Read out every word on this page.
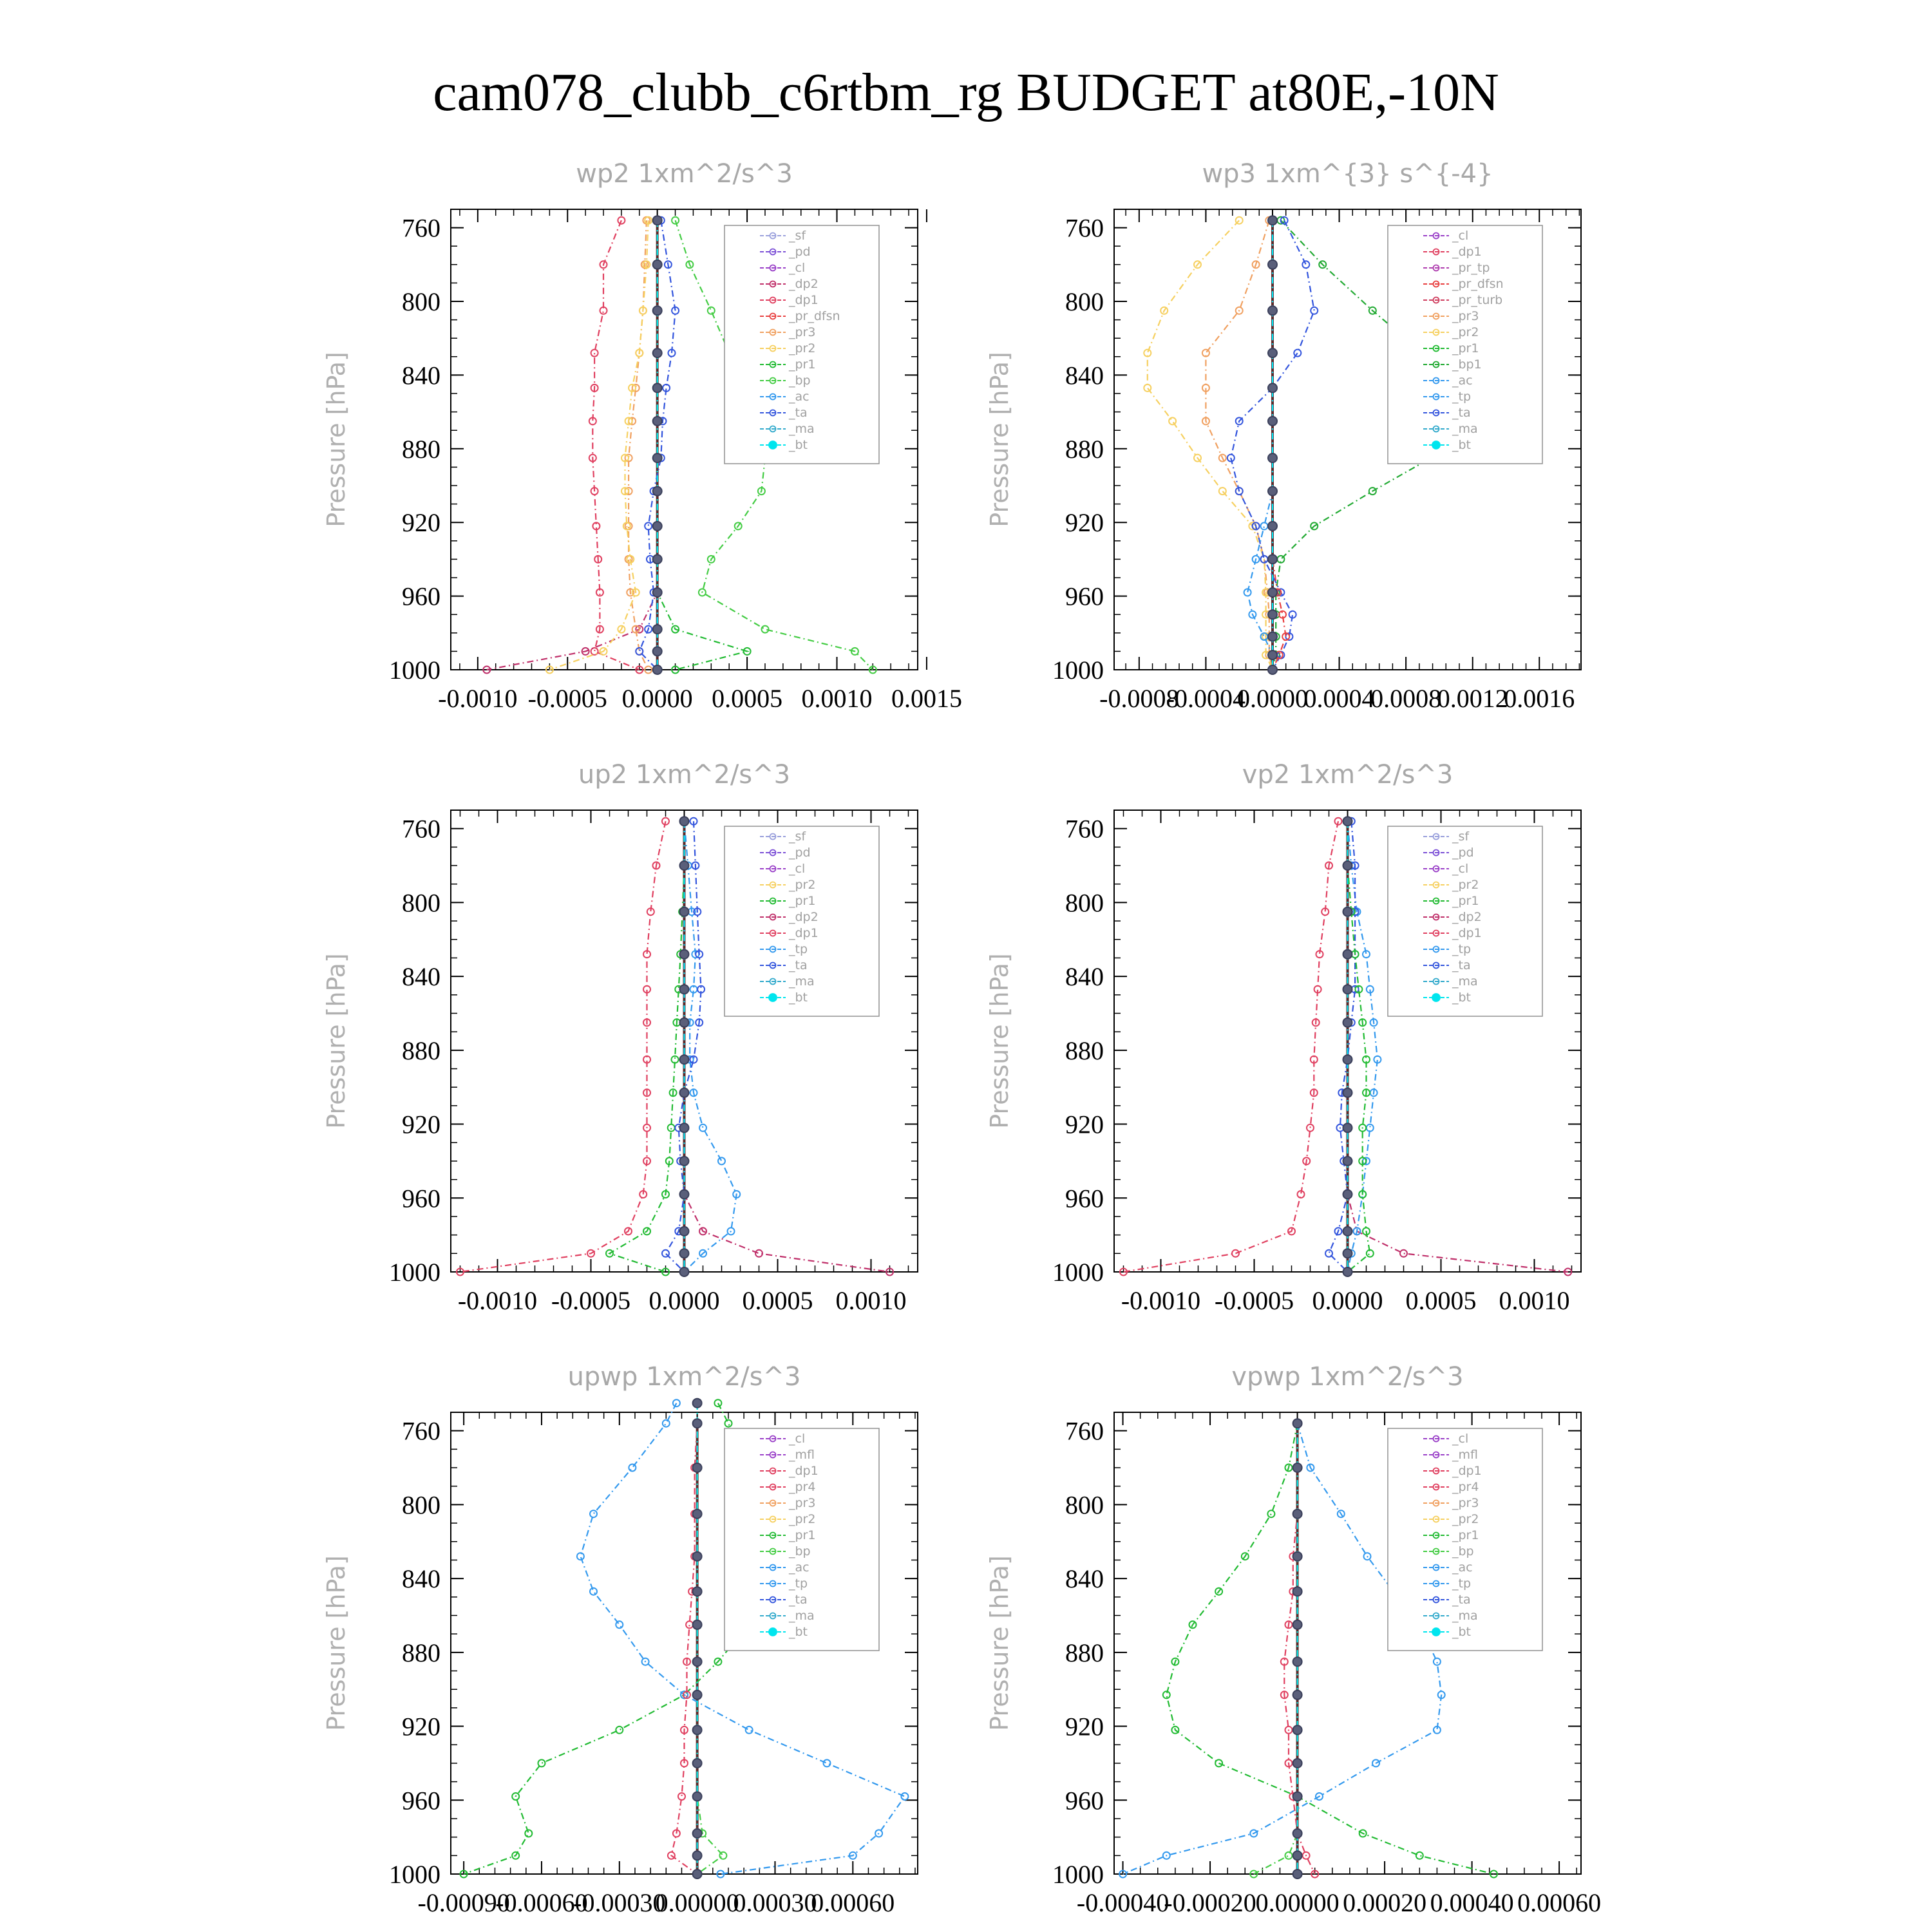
cam078_clubb_c6rtbm_rg BUDGET at80E,-10N
wp2 1xm^2/s^3
Pressure [hPa]
760
800
840
880
920
960
1000
-0.0010 -0.0005 0.0000 0.0005 0.0010 0.0015
_sf
_pd
_cl
_dp2
_dp1
_pr_dfsn
_pr3
_pr2
_pr1
_bp
_ac
_ta
_ma
_bt
wp3 1xm^{3} s^{-4}
Pressure [hPa]
760
800
840
880
920
960
1000
-0.0008
-0.0004
0.0000
0.0004
0.0008
0.0012
0.0016
_cl
_dp1
_pr_tp
_pr_dfsn
_pr_turb
_pr3
_pr2
_pr1
_bp1
_ac
_tp
_ta
_ma
_bt
up2 1xm^2/s^3
Pressure [hPa]
760
800
840
880
920
960
1000
-0.0010 -0.0005 0.0000 0.0005 0.0010
_sf
_pd
_cl
_pr2
_pr1
_dp2
_dp1
_tp
_ta
_ma
_bt
vp2 1xm^2/s^3
Pressure [hPa]
760
800
840
880
920
960
1000
-0.0010 -0.0005 0.0000 0.0005 0.0010
_sf
_pd
_cl
_pr2
_pr1
_dp2
_dp1
_tp
_ta
_ma
_bt
upwp 1xm^2/s^3
Pressure [hPa]
760
800
840
880
920
960
1000
-0.00090
-0.00060
-0.00030
0.00000
0.00030
0.00060
_cl
_mfl
_dp1
_pr4
_pr3
_pr2
_pr1
_bp
_ac
_tp
_ta
_ma
_bt
vpwp 1xm^2/s^3
Pressure [hPa]
760
800
840
880
920
960
1000
-0.00040
-0.00020
0.00000 0.00020 0.00040 0.00060
_cl
_mfl
_dp1
_pr4
_pr3
_pr2
_pr1
_bp
_ac
_tp
_ta
_ma
_bt
